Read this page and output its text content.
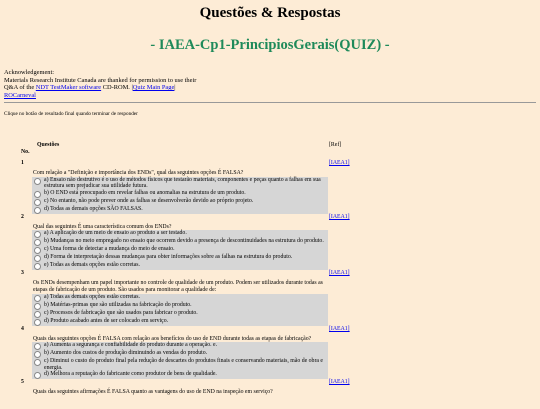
Questões & Respostas
- IAEA-Cp1-PrincipiosGerais(QUIZ) -
Acknowledgement:
Materials Research Institute Canada are thanked for permission to use their
Q&A of the NDT TestMaker software CD-ROM. |Quiz Main Page|
ROCarneval
Clique no botão de resultado final quando terminar de responder
Questões
No.		[Ref]
1	Com relação a "Definição e importância dos ENDs", qual das seguintes opções É FALSA?	[IAEA1]

	a) Ensaio não destrutivo é o uso de métodos físicos que testarão materiais, componentes e peças quanto a falhas em sua estrutura sem prejudicar sua utilidade futura.	

	b) O END está preocupado em revelar falhas ou anomalias na estrutura de um produto.	

	c) No entanto, não pode prever onde as falhas se desenvolverão devido ao próprio projeto.	

	d) Todas as demais opções SÃO FALSAS.	

2	Qual das seguintes É uma característica comum dos ENDs?	[IAEA1]

	a) A aplicação de um meio de ensaio ao produto a ser testado.	

	b) Mudanças no meio empregado no ensaio que ocorrem devido a presença de descontinuidades na estrutura do produto.	

	c) Uma forma de detectar a mudança do meio de ensaio.	

	d) Forma de interpretação dessas mudanças para obter informações sobre as falhas na estrutura do produto.	

	e) Todas as demais opções estão corretas.	

3	Os ENDs desempenham um papel importante no controle de qualidade de um produto. Podem ser utilizados durante todas as etapas de fabricação de um produto. São usados para monitorar a qualidade de:	[IAEA1]

	a) Todas as demais opções estão corretas.	

	b) Matérias-primas que são utilizadas na fabricação do produto.	

	c) Processos de fabricação que são usados para fabricar o produto.	

	d) Produto acabado antes de ser colocado em serviço.	

4	Quais das seguintes opções É FALSA com relação aos benefícios do uso de END durante todas as etapas de fabricação?	[IAEA1]

	a) Aumenta a segurança e confiabilidade do produto durante a operação. e.	

	b) Aumento dos custos de produção diminuindo as vendas do produto.	

	c) Diminui o custo do produto final pela redução de descartes do produtos finais e conservando materiais, mão de obra e energia.	

	d) Melhora a reputação do fabricante como produtor de bens de qualidade.	

5	Quais das seguintes afirmações É FALSA quanto as vantagens do uso de END na inspeção em serviço?	[IAEA1]
